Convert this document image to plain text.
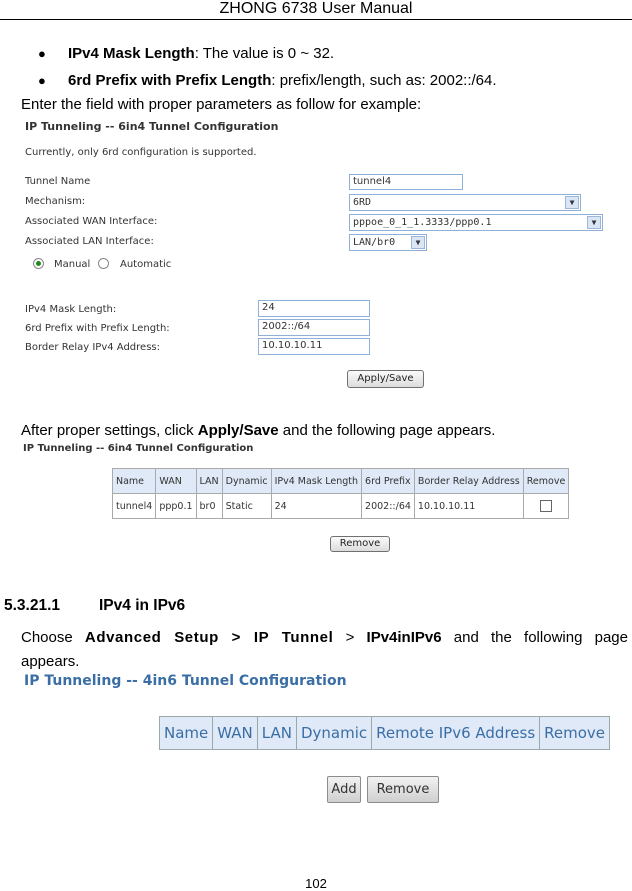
ZHONG 6738 User Manual
● IPv4 Mask Length: The value is 0 ~ 32.
● 6rd Prefix with Prefix Length: prefix/length, such as: 2002::/64.
Enter the field with proper parameters as follow for example:
IP Tunneling -- 6in4 Tunnel Configuration
Currently, only 6rd configuration is supported.
Tunnel Name	tunnel4
Mechanism:	6RD	▼
Associated WAN Interface:	pppoe_0_1_1.3333/ppp0.1	▼
Associated LAN Interface:	LAN/br0	▼
Manual	Automatic
IPv4 Mask Length:	24
6rd Prefix with Prefix Length:	2002::/64
Border Relay IPv4 Address:	10.10.10.11
Apply/Save
After proper settings, click Apply/Save and the following page appears.
IP Tunneling -- 6in4 Tunnel Configuration
Name	WAN	LAN	Dynamic	IPv4 Mask Length	6rd Prefix	Border Relay Address	Remove
tunnel4	ppp0.1	br0	Static	24	2002::/64	10.10.10.11	
Remove
5.3.21.1	IPv4 in IPv6
Choose Advanced Setup > IP Tunnel > IPv4inIPv6 and the following page
appears.
IP Tunneling -- 4in6 Tunnel Configuration
Name	WAN	LAN	Dynamic	Remote IPv6 Address	Remove
Add	Remove
102
